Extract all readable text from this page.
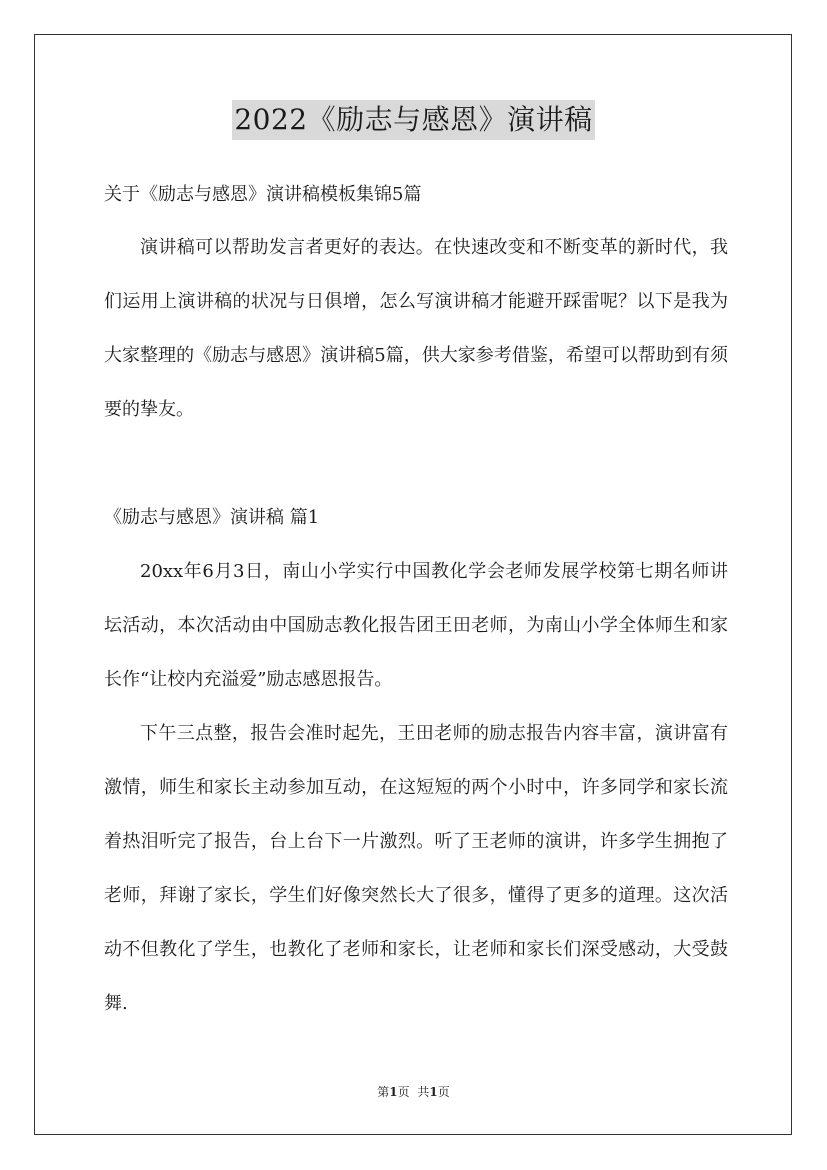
2022《励志与感恩》演讲稿

关于《励志与感恩》演讲稿模板集锦5篇

演讲稿可以帮助发言者更好的表达。在快速改变和不断变革的新时代，我们运用上演讲稿的状况与日俱增，怎么写演讲稿才能避开踩雷呢？以下是我为大家整理的《励志与感恩》演讲稿5篇，供大家参考借鉴，希望可以帮助到有须要的挚友。

《励志与感恩》演讲稿 篇1

20xx年6月3日，南山小学实行中国教化学会老师发展学校第七期名师讲坛活动，本次活动由中国励志教化报告团王田老师，为南山小学全体师生和家长作“让校内充溢爱”励志感恩报告。

下午三点整，报告会准时起先，王田老师的励志报告内容丰富，演讲富有激情，师生和家长主动参加互动，在这短短的两个小时中，许多同学和家长流着热泪听完了报告，台上台下一片激烈。听了王老师的演讲，许多学生拥抱了老师，拜谢了家长，学生们好像突然长大了很多，懂得了更多的道理。这次活动不但教化了学生，也教化了老师和家长，让老师和家长们深受感动，大受鼓舞.

第1页 共1页
